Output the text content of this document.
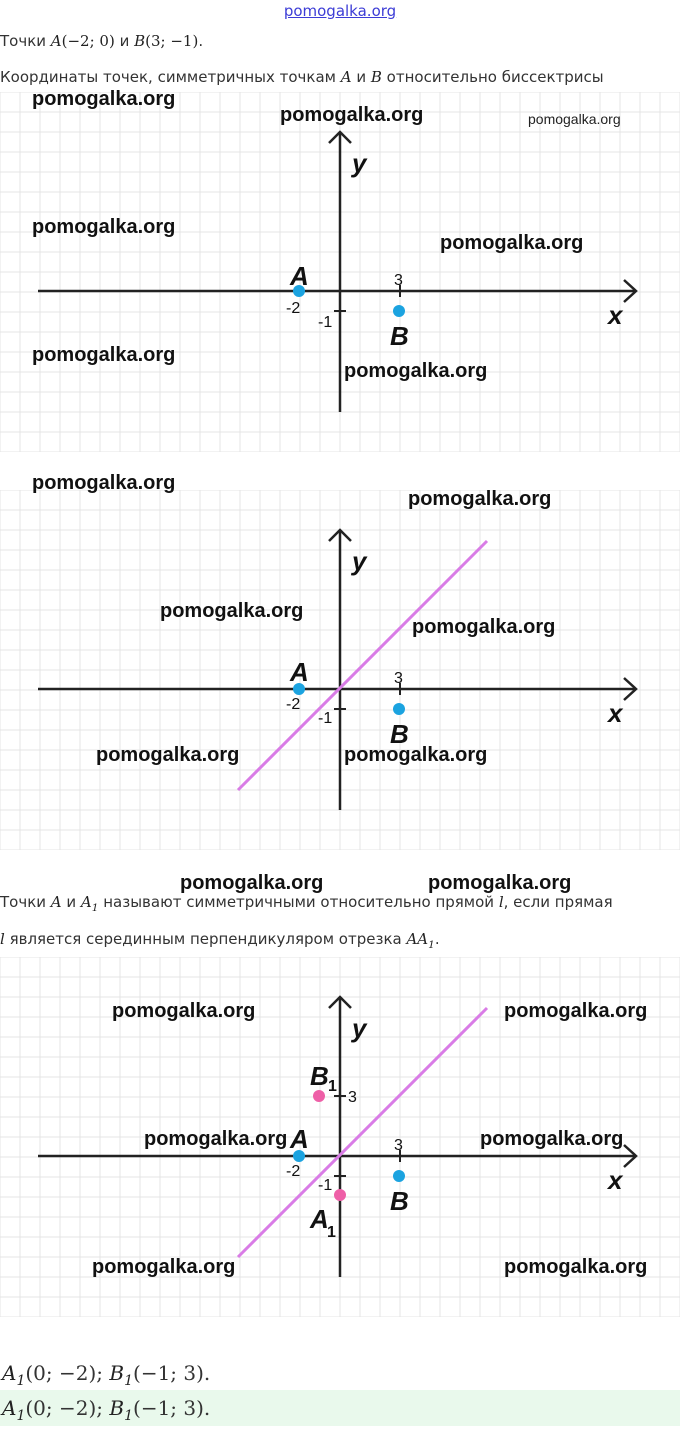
pomogalka.org
Точки A(−2; 0) и B(3; −1).
Координаты точек, симметричных точкам A и B относительно биссектрисы
A
B
-2
3
-1	x
y
A
B
-2
3
-1	x
y
Точки A и $A_1$ называют симметричными относительно прямой l, если прямая
l является серединным перпендикуляром отрезка $AA_1$.
A
B
A
1
B 1
-2
3
-1
3
x
y
pomogalka.org
pomogalka.org	pomogalka.org
pomogalka.org
pomogalka.org
pomogalka.org
pomogalka.org
pomogalka.org
pomogalka.org
pomogalka.org
pomogalka.org
pomogalka.org	pomogalka.org
pomogalka.org	pomogalka.org
pomogalka.org	pomogalka.org
pomogalka.org	pomogalka.org
pomogalka.org	pomogalka.org
$A_1(0$; −2); $B_1(-1$; 3).
$A_1(0$; −2); $B_1(-1$; 3).
